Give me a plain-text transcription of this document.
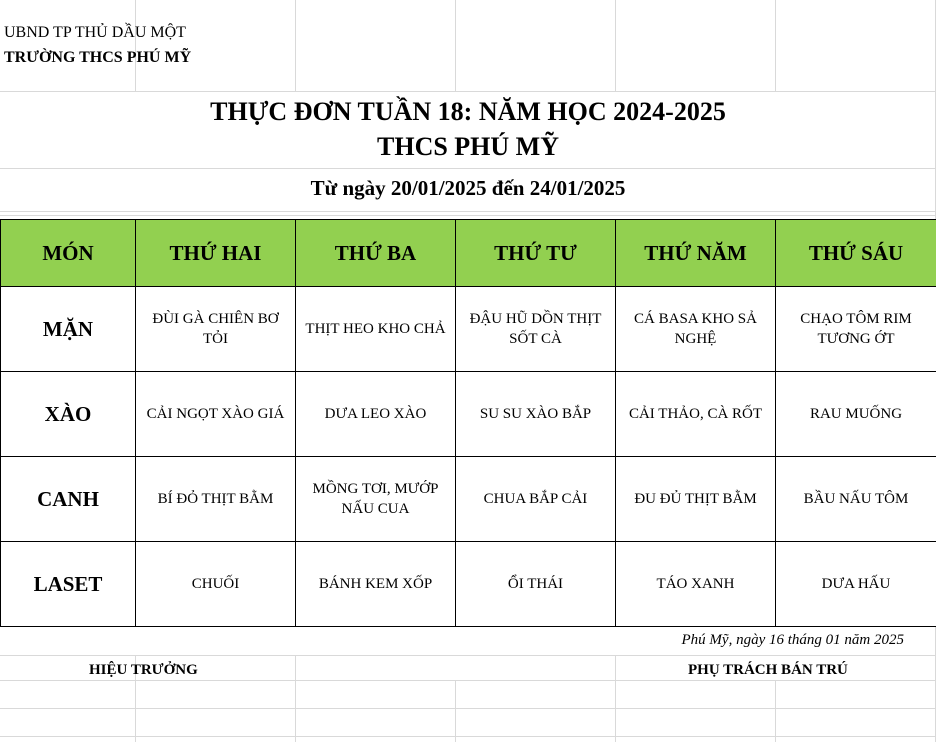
UBND TP THỦ DẦU MỘT
TRƯỜNG THCS PHÚ MỸ
THỰC ĐƠN TUẦN 18: NĂM HỌC 2024-2025
THCS PHÚ MỸ
Từ ngày 20/01/2025 đến 24/01/2025
MÓN	THỨ HAI	THỨ BA	THỨ TƯ	THỨ NĂM	THỨ SÁU
MẶN	ĐÙI GÀ CHIÊN BƠ TỎI	THỊT HEO KHO CHẢ	ĐẬU HŨ DỒN THỊT SỐT CÀ	CÁ BASA KHO SẢ NGHỆ	CHẠO TÔM RIM TƯƠNG ỚT
XÀO	CẢI NGỌT XÀO GIÁ	DƯA LEO XÀO	SU SU XÀO BẮP	CẢI THẢO, CÀ RỐT	RAU MUỐNG
CANH	BÍ ĐỎ THỊT BẰM	MỒNG TƠI, MƯỚP NẤU CUA	CHUA BẮP CẢI	ĐU ĐỦ THỊT BẰM	BẦU NẤU TÔM
LASET	CHUỐI	BÁNH KEM XỐP	ỔI THÁI	TÁO XANH	DƯA HẤU
Phú Mỹ, ngày 16 tháng 01 năm 2025
HIỆU TRƯỞNG	PHỤ TRÁCH BÁN TRÚ
